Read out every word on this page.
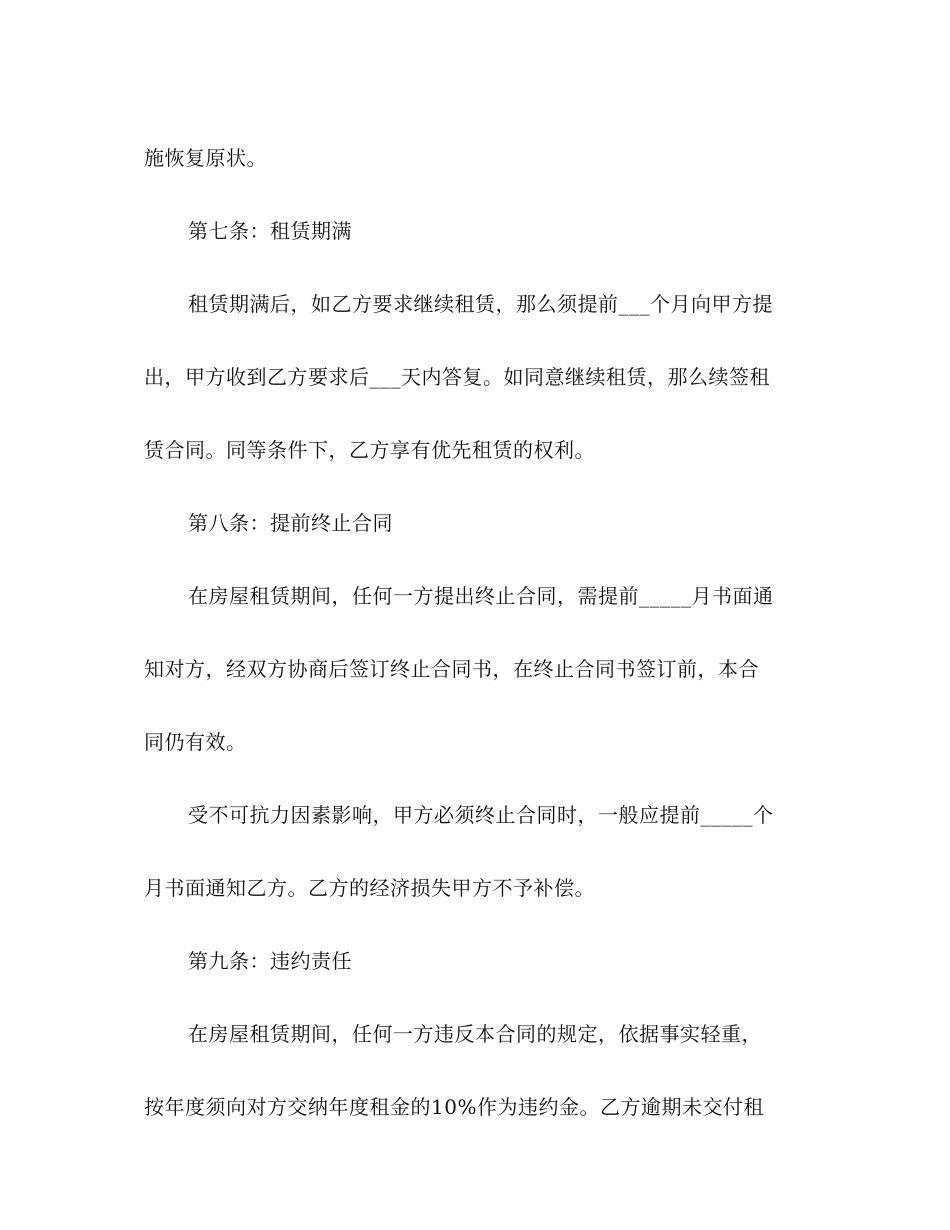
施恢复原状。
第七条：租赁期满
租赁期满后，如乙方要求继续租赁，那么须提前___个月向甲方提
出，甲方收到乙方要求后___天内答复。如同意继续租赁，那么续签租
赁合同。同等条件下，乙方享有优先租赁的权利。
第八条：提前终止合同
在房屋租赁期间，任何一方提出终止合同，需提前_____月书面通
知对方，经双方协商后签订终止合同书，在终止合同书签订前，本合
同仍有效。
受不可抗力因素影响，甲方必须终止合同时，一般应提前_____个
月书面通知乙方。乙方的经济损失甲方不予补偿。
第九条：违约责任
在房屋租赁期间，任何一方违反本合同的规定，依据事实轻重，
按年度须向对方交纳年度租金的10%作为违约金。乙方逾期未交付租
